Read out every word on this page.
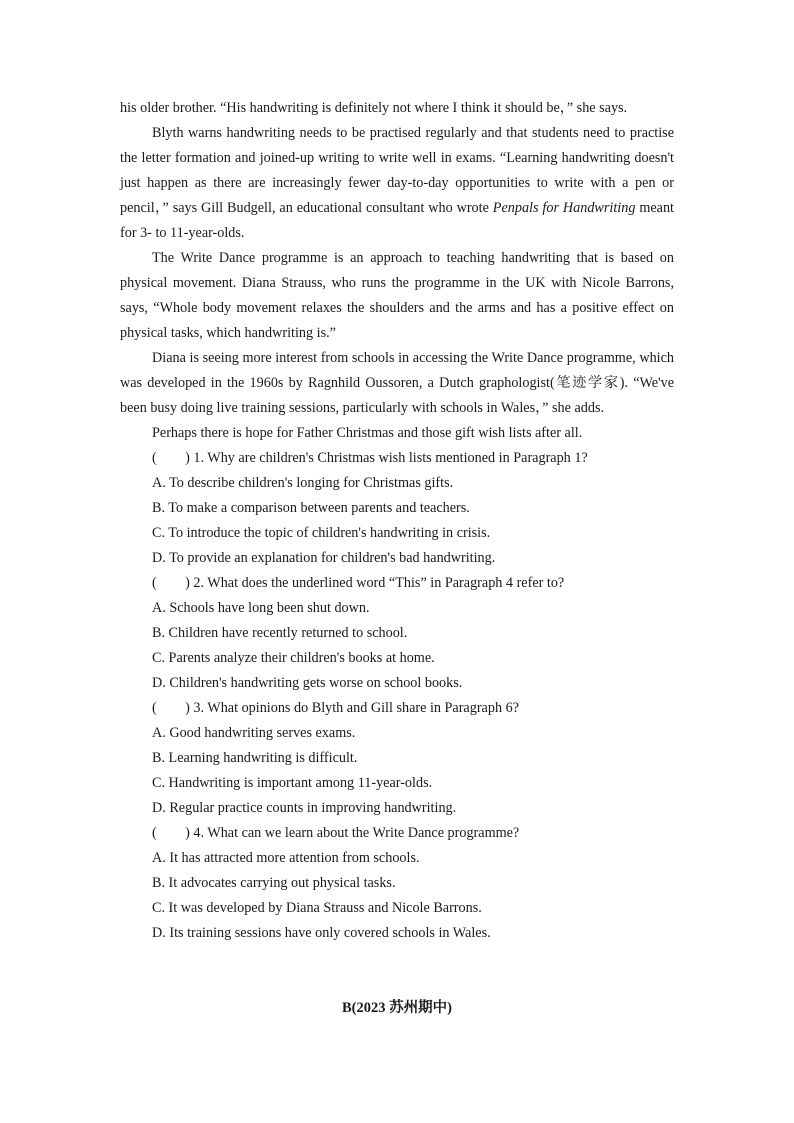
his older brother. “His handwriting is definitely not where I think it should be，” she says.

Blyth warns handwriting needs to be practised regularly and that students need to practise the letter formation and joined-up writing to write well in exams. “Learning handwriting doesn't just happen as there are increasingly fewer day-to-day opportunities to write with a pen or pencil，” says Gill Budgell, an educational consultant who wrote Penpals for Handwriting meant for 3- to 11-year-olds.

The Write Dance programme is an approach to teaching handwriting that is based on physical movement. Diana Strauss, who runs the programme in the UK with Nicole Barrons, says, “Whole body movement relaxes the shoulders and the arms and has a positive effect on physical tasks, which handwriting is.”

Diana is seeing more interest from schools in accessing the Write Dance programme, which was developed in the 1960s by Ragnhild Oussoren, a Dutch graphologist(笔迹学家). “We've been busy doing live training sessions, particularly with schools in Wales，” she adds.

Perhaps there is hope for Father Christmas and those gift wish lists after all.

(　　) 1. Why are children's Christmas wish lists mentioned in Paragraph 1?

A. To describe children's longing for Christmas gifts.

B. To make a comparison between parents and teachers.

C. To introduce the topic of children's handwriting in crisis.

D. To provide an explanation for children's bad handwriting.

(　　) 2. What does the underlined word “This” in Paragraph 4 refer to?

A. Schools have long been shut down.

B. Children have recently returned to school.

C. Parents analyze their children's books at home.

D. Children's handwriting gets worse on school books.

(　　) 3. What opinions do Blyth and Gill share in Paragraph 6?

A. Good handwriting serves exams.

B. Learning handwriting is difficult.

C. Handwriting is important among 11-year-olds.

D. Regular practice counts in improving handwriting.

(　　) 4. What can we learn about the Write Dance programme?

A. It has attracted more attention from schools.

B. It advocates carrying out physical tasks.

C. It was developed by Diana Strauss and Nicole Barrons.

D. Its training sessions have only covered schools in Wales.

B(2023 苏州期中)
